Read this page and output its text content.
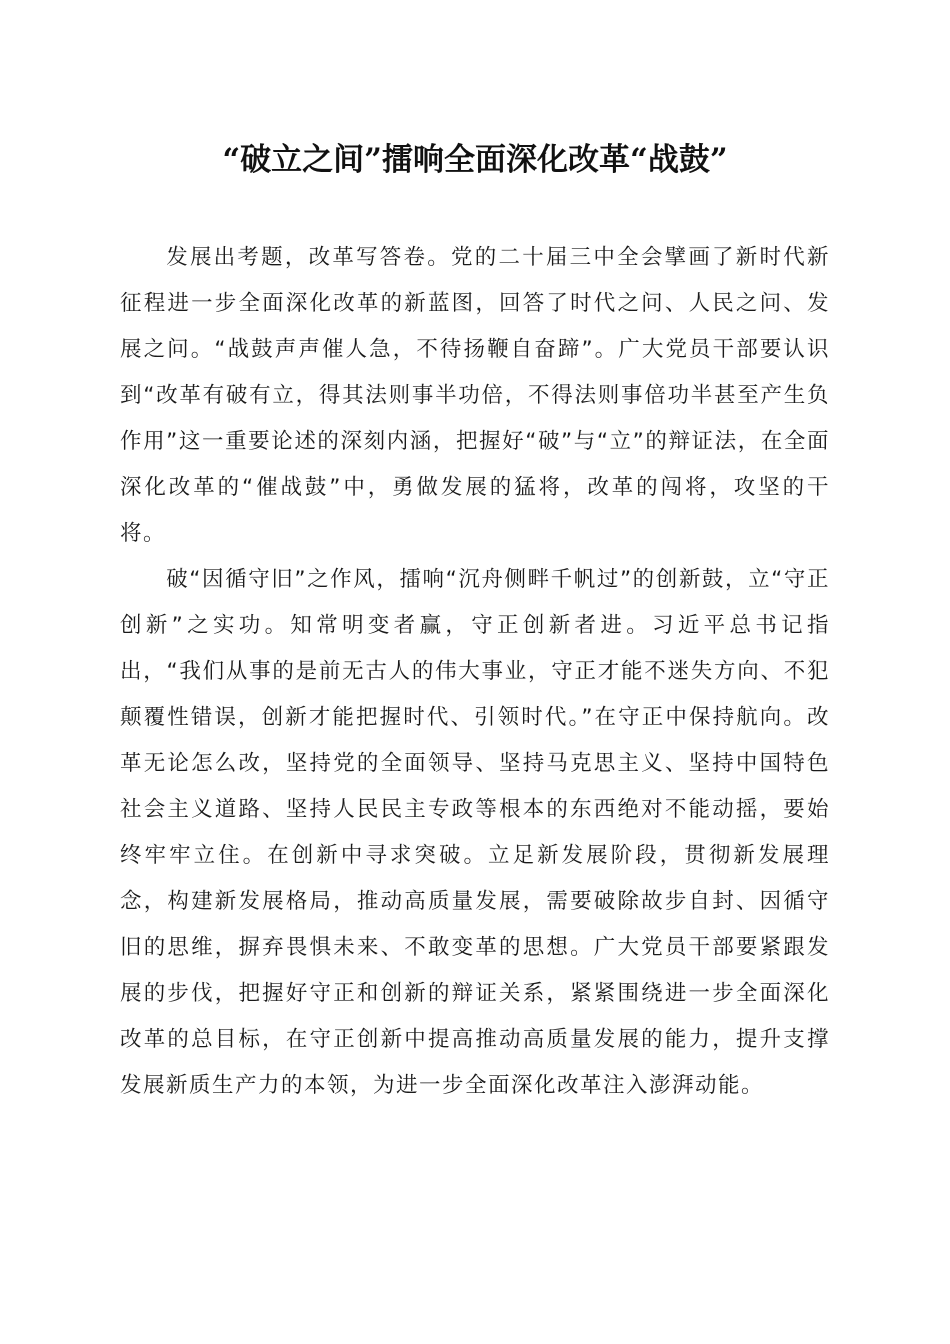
“破立之间”擂响全面深化改革“战鼓”

发展出考题，改革写答卷。党的二十届三中全会擘画了新时代新征程进一步全面深化改革的新蓝图，回答了时代之问、人民之问、发展之问。“战鼓声声催人急，不待扬鞭自奋蹄”。广大党员干部要认识到“改革有破有立，得其法则事半功倍，不得法则事倍功半甚至产生负作用”这一重要论述的深刻内涵，把握好“破”与“立”的辩证法，在全面深化改革的“催战鼓”中，勇做发展的猛将，改革的闯将，攻坚的干将。

破“因循守旧”之作风，擂响“沉舟侧畔千帆过”的创新鼓，立“守正创新”之实功。知常明变者赢，守正创新者进。习近平总书记指出，“我们从事的是前无古人的伟大事业，守正才能不迷失方向、不犯颠覆性错误，创新才能把握时代、引领时代。”在守正中保持航向。改革无论怎么改，坚持党的全面领导、坚持马克思主义、坚持中国特色社会主义道路、坚持人民民主专政等根本的东西绝对不能动摇，要始终牢牢立住。在创新中寻求突破。立足新发展阶段，贯彻新发展理念，构建新发展格局，推动高质量发展，需要破除故步自封、因循守旧的思维，摒弃畏惧未来、不敢变革的思想。广大党员干部要紧跟发展的步伐，把握好守正和创新的辩证关系，紧紧围绕进一步全面深化改革的总目标，在守正创新中提高推动高质量发展的能力，提升支撑发展新质生产力的本领，为进一步全面深化改革注入澎湃动能。
